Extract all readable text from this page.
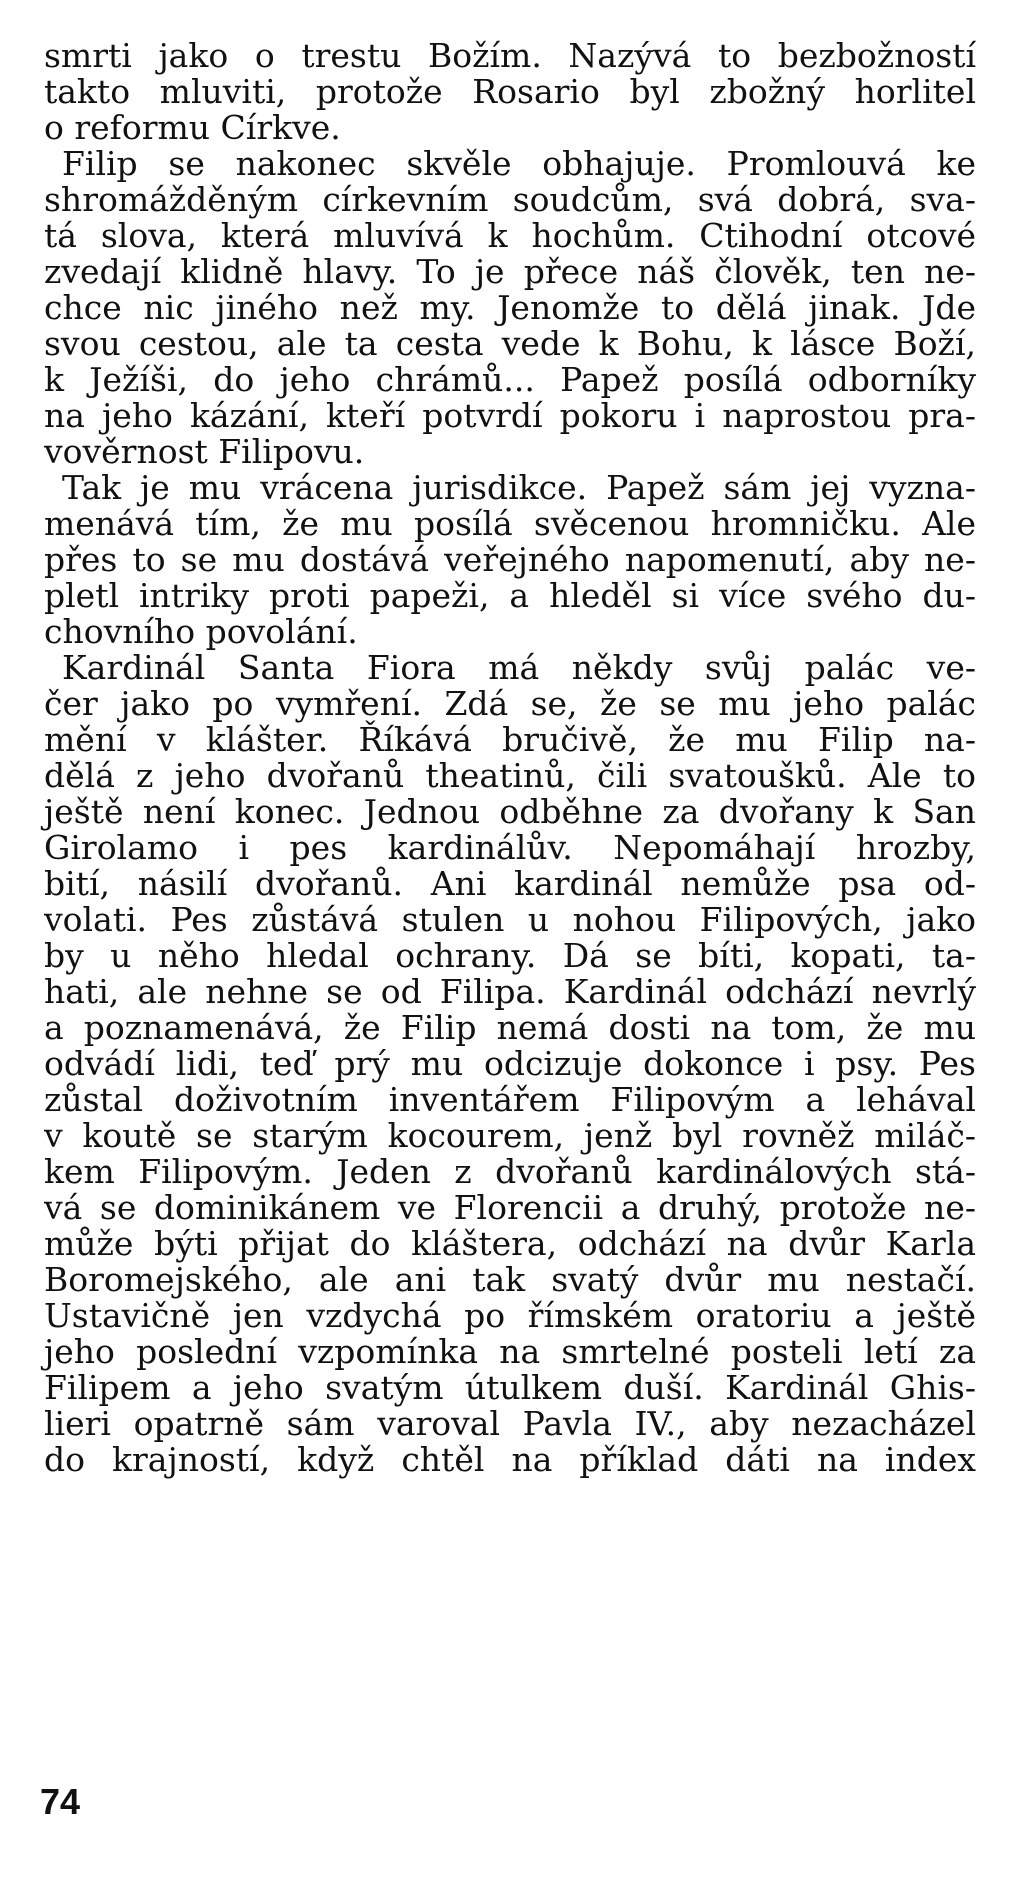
smrti jako o trestu Božím. Nazývá to bezbožností
takto mluviti, protože Rosario byl zbožný horlitel
o reformu Církve.
Filip se nakonec skvěle obhajuje. Promlouvá ke
shromážděným církevním soudcům, svá dobrá, sva-
tá slova, která mluvívá k hochům. Ctihodní otcové
zvedají klidně hlavy. To je přece náš člověk, ten ne-
chce nic jiného než my. Jenomže to dělá jinak. Jde
svou cestou, ale ta cesta vede k Bohu, k lásce Boží,
k Ježíši, do jeho chrámů... Papež posílá odborníky
na jeho kázání, kteří potvrdí pokoru i naprostou pra-
vověrnost Filipovu.
Tak je mu vrácena jurisdikce. Papež sám jej vyzna-
menává tím, že mu posílá svěcenou hromničku. Ale
přes to se mu dostává veřejného napomenutí, aby ne-
pletl intriky proti papeži, a hleděl si více svého du-
chovního povolání.
Kardinál Santa Fiora má někdy svůj palác ve-
čer jako po vymření. Zdá se, že se mu jeho palác
mění v klášter. Říkává bručivě, že mu Filip na-
dělá z jeho dvořanů theatinů, čili svatoušků. Ale to
ještě není konec. Jednou odběhne za dvořany k San
Girolamo i pes kardinálův. Nepomáhají hrozby,
bití, násilí dvořanů. Ani kardinál nemůže psa od-
volati. Pes zůstává stulen u nohou Filipových, jako
by u něho hledal ochrany. Dá se bíti, kopati, ta-
hati, ale nehne se od Filipa. Kardinál odchází nevrlý
a poznamenává, že Filip nemá dosti na tom, že mu
odvádí lidi, teď prý mu odcizuje dokonce i psy. Pes
zůstal doživotním inventářem Filipovým a lehával
v koutě se starým kocourem, jenž byl rovněž miláč-
kem Filipovým. Jeden z dvořanů kardinálových stá-
vá se dominikánem ve Florencii a druhý, protože ne-
může býti přijat do kláštera, odchází na dvůr Karla
Boromejského, ale ani tak svatý dvůr mu nestačí.
Ustavičně jen vzdychá po římském oratoriu a ještě
jeho poslední vzpomínka na smrtelné posteli letí za
Filipem a jeho svatým útulkem duší. Kardinál Ghis-
lieri opatrně sám varoval Pavla IV., aby nezacházel
do krajností, když chtěl na příklad dáti na index
74
